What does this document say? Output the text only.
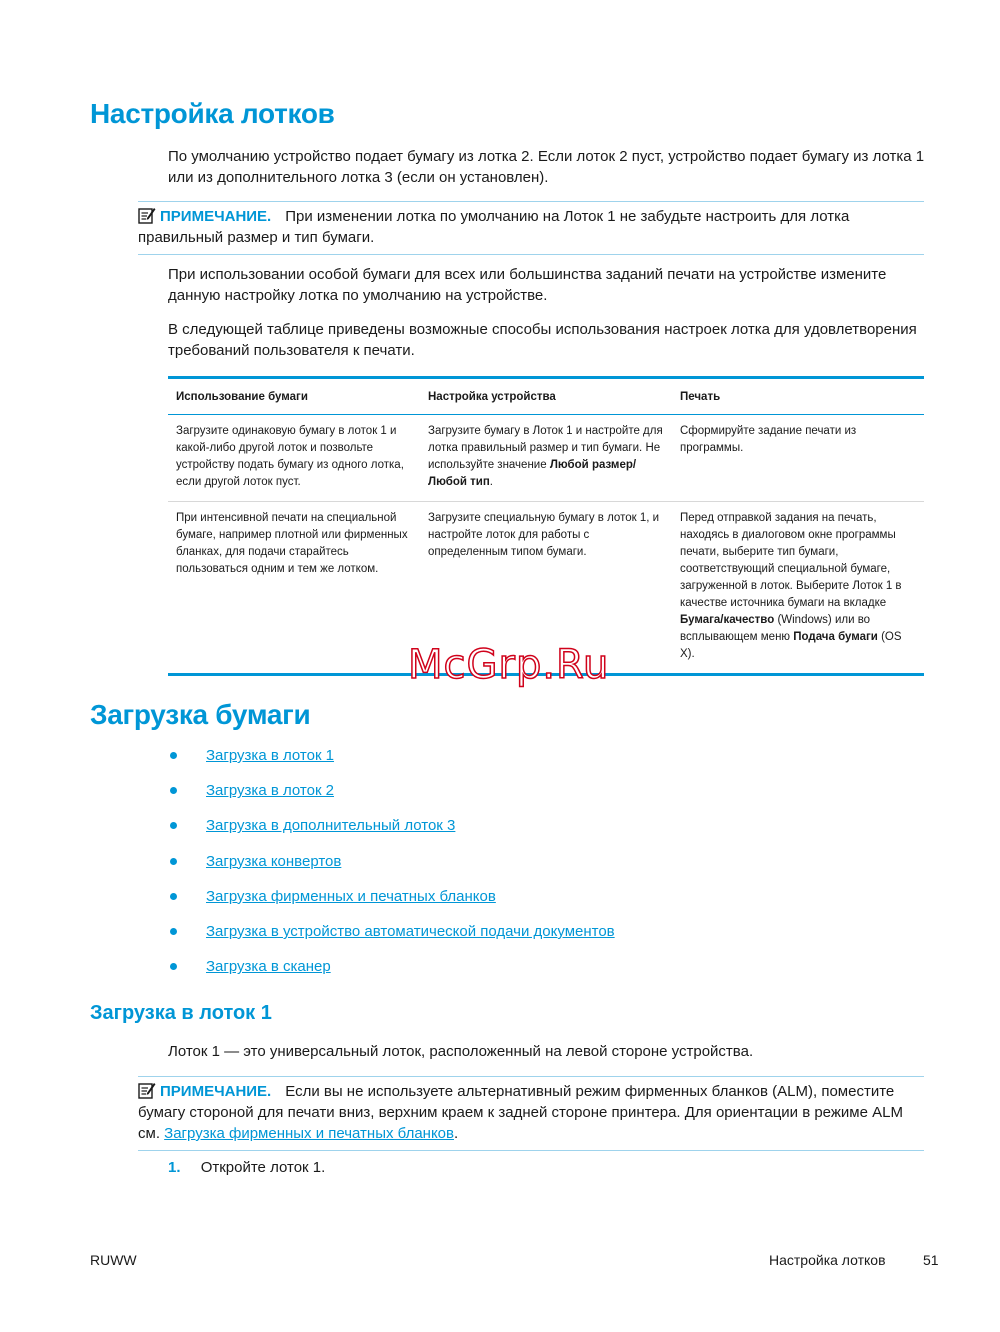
Настройка лотков
По умолчанию устройство подает бумагу из лотка 2. Если лоток 2 пуст, устройство подает бумагу из лотка 1 или из дополнительного лотка 3 (если он установлен).
ПРИМЕЧАНИЕ. При изменении лотка по умолчанию на Лоток 1 не забудьте настроить для лотка правильный размер и тип бумаги.
При использовании особой бумаги для всех или большинства заданий печати на устройстве измените данную настройку лотка по умолчанию на устройстве.
В следующей таблице приведены возможные способы использования настроек лотка для удовлетворения требований пользователя к печати.
Использование бумаги	Настройка устройства	Печать
Загрузите одинаковую бумагу в лоток 1 и какой-либо другой лоток и позвольте устройству подать бумагу из одного лотка, если другой лоток пуст.	Загрузите бумагу в Лоток 1 и настройте для лотка правильный размер и тип бумаги. Не используйте значение Любой размер/Любой тип.	Сформируйте задание печати из программы.
При интенсивной печати на специальной бумаге, например плотной или фирменных бланках, для подачи старайтесь пользоваться одним и тем же лотком.	Загрузите специальную бумагу в лоток 1, и настройте лоток для работы с определенным типом бумаги.	Перед отправкой задания на печать, находясь в диалоговом окне программы печати, выберите тип бумаги, соответствующий специальной бумаге, загруженной в лоток. Выберите Лоток 1 в качестве источника бумаги на вкладке Бумага/качество (Windows) или во всплывающем меню Подача бумаги (OS X).
McGrp.Ru
Загрузка бумаги
Загрузка в лоток 1
Загрузка в лоток 2
Загрузка в дополнительный лоток 3
Загрузка конвертов
Загрузка фирменных и печатных бланков
Загрузка в устройство автоматической подачи документов
Загрузка в сканер
Загрузка в лоток 1
Лоток 1 — это универсальный лоток, расположенный на левой стороне устройства.
ПРИМЕЧАНИЕ. Если вы не используете альтернативный режим фирменных бланков (ALM), поместите бумагу стороной для печати вниз, верхним краем к задней стороне принтера. Для ориентации в режиме ALM см. Загрузка фирменных и печатных бланков.
1. Откройте лоток 1.
RUWW	Настройка лотков	51
